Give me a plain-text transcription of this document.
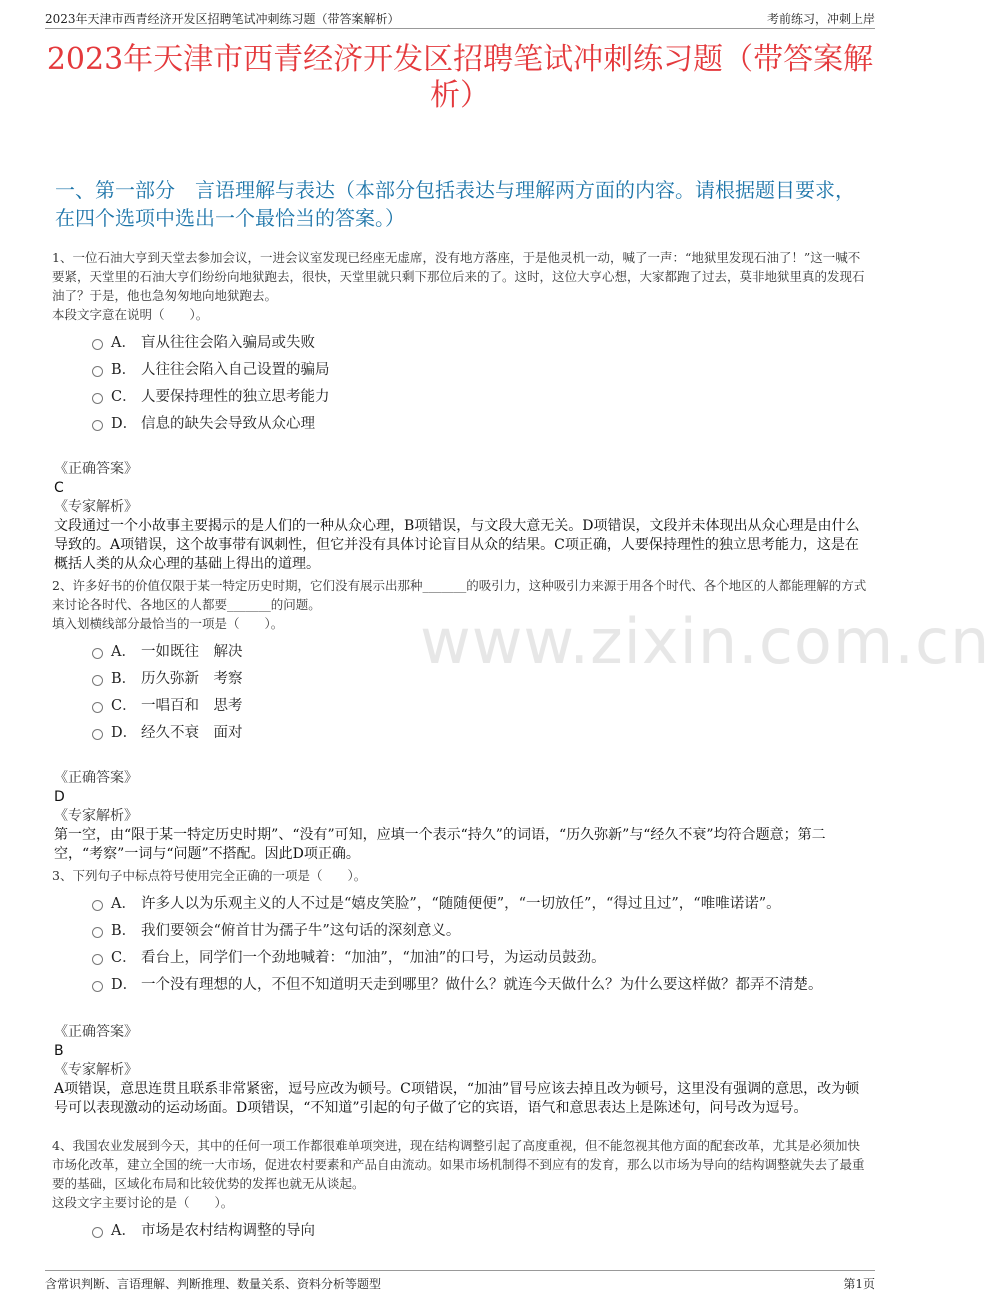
2023年天津市西青经济开发区招聘笔试冲刺练习题（带答案解析）	考前练习，冲刺上岸
2023年天津市西青经济开发区招聘笔试冲刺练习题（带答案解析）
一、第一部分　言语理解与表达（本部分包括表达与理解两方面的内容。请根据题目要求，在四个选项中选出一个最恰当的答案。）
www.zixin.com.cn
1、一位石油大亨到天堂去参加会议，一进会议室发现已经座无虚席，没有地方落座，于是他灵机一动，喊了一声：“地狱里发现石油了！”这一喊不要紧，天堂里的石油大亨们纷纷向地狱跑去，很快，天堂里就只剩下那位后来的了。这时，这位大亨心想，大家都跑了过去，莫非地狱里真的发现石油了？于是，他也急匆匆地向地狱跑去。
本段文字意在说明（　　）。
A． 盲从往往会陷入骗局或失败
B． 人往往会陷入自己设置的骗局
C． 人要保持理性的独立思考能力
D． 信息的缺失会导致从众心理
《正确答案》
C
《专家解析》
文段通过一个小故事主要揭示的是人们的一种从众心理，B项错误，与文段大意无关。D项错误，文段并未体现出从众心理是由什么导致的。A项错误，这个故事带有讽刺性，但它并没有具体讨论盲目从众的结果。C项正确，人要保持理性的独立思考能力，这是在概括人类的从众心理的基础上得出的道理。
2、许多好书的价值仅限于某一特定历史时期，它们没有展示出那种_______的吸引力，这种吸引力来源于用各个时代、各个地区的人都能理解的方式来讨论各时代、各地区的人都要_______的问题。
填入划横线部分最恰当的一项是（　　）。
A． 一如既往　解决
B． 历久弥新　考察
C． 一唱百和　思考
D． 经久不衰　面对
《正确答案》
D
《专家解析》
第一空，由“限于某一特定历史时期”、“没有”可知，应填一个表示“持久”的词语，“历久弥新”与“经久不衰”均符合题意；第二空，“考察”一词与“问题”不搭配。因此D项正确。
3、下列句子中标点符号使用完全正确的一项是（　　）。
A． 许多人以为乐观主义的人不过是“嬉皮笑脸”，“随随便便”，“一切放任”，“得过且过”，“唯唯诺诺”。
B． 我们要领会“俯首甘为孺子牛”这句话的深刻意义。
C． 看台上，同学们一个劲地喊着：“加油”，“加油”的口号，为运动员鼓劲。
D． 一个没有理想的人，不但不知道明天走到哪里？做什么？就连今天做什么？为什么要这样做？都弄不清楚。
《正确答案》
B
《专家解析》
A项错误，意思连贯且联系非常紧密，逗号应改为顿号。C项错误，“加油”冒号应该去掉且改为顿号，这里没有强调的意思，改为顿号可以表现激动的运动场面。D项错误，“不知道”引起的句子做了它的宾语，语气和意思表达上是陈述句，问号改为逗号。
4、我国农业发展到今天，其中的任何一项工作都很难单项突进，现在结构调整引起了高度重视，但不能忽视其他方面的配套改革，尤其是必须加快市场化改革，建立全国的统一大市场，促进农村要素和产品自由流动。如果市场机制得不到应有的发育，那么以市场为导向的结构调整就失去了最重要的基础，区域化布局和比较优势的发挥也就无从谈起。
这段文字主要讨论的是（　　）。
A． 市场是农村结构调整的导向
含常识判断、言语理解、判断推理、数量关系、资料分析等题型	第1页
